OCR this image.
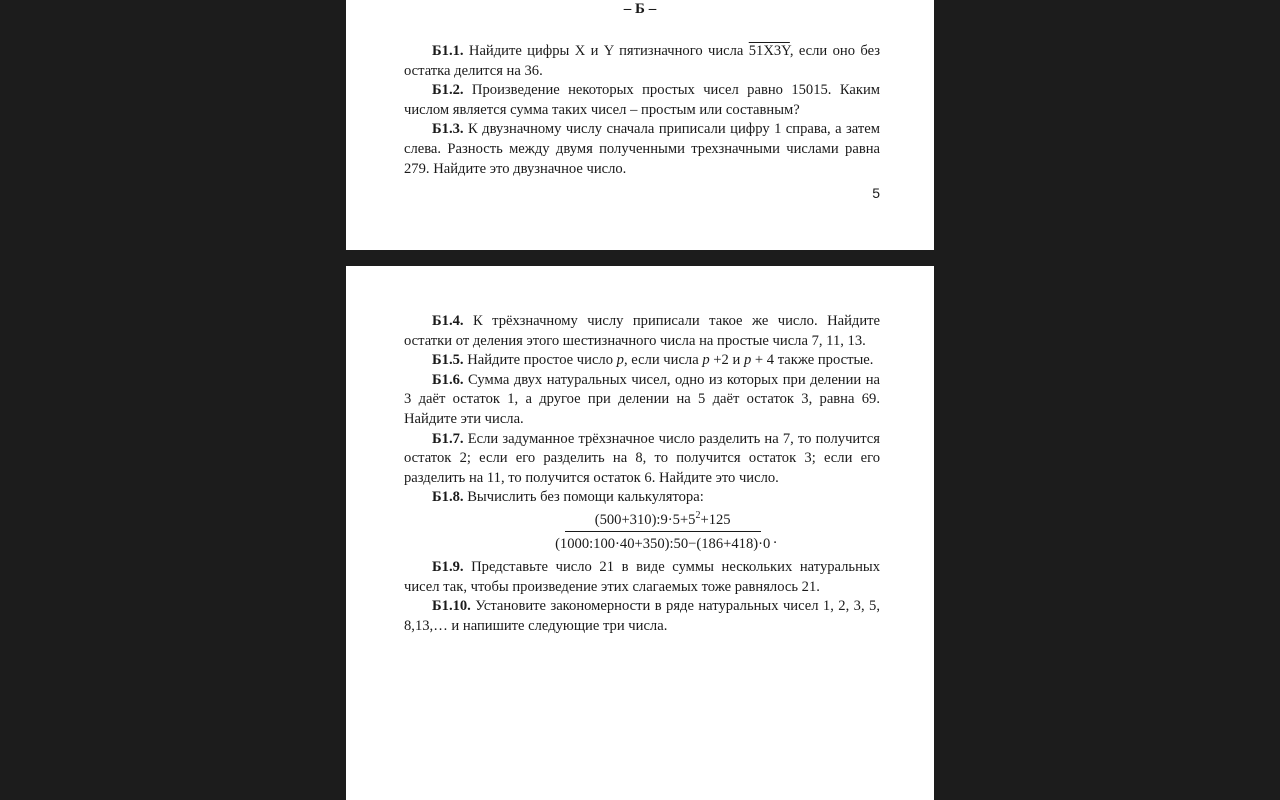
– Б –

Б1.1. Найдите цифры X и Y пятизначного числа 51X3Y, если оно без остатка делится на 36.

Б1.2. Произведение некоторых простых чисел равно 15015. Каким числом является сумма таких чисел – простым или составным?

Б1.3. К двузначному числу сначала приписали цифру 1 справа, а затем слева. Разность между двумя полученными трехзначными числами равна 279. Найдите это двузначное число.

5

Б1.4. К трёхзначному числу приписали такое же число. Найдите остатки от деления этого шестизначного числа на простые числа 7, 11, 13.

Б1.5. Найдите простое число p, если числа p +2 и p + 4 также простые.

Б1.6. Сумма двух натуральных чисел, одно из которых при делении на 3 даёт остаток 1, а другое при делении на 5 даёт остаток 3, равна 69. Найдите эти числа.

Б1.7. Если задуманное трёхзначное число разделить на 7, то получится остаток 2; если его разделить на 8, то получится остаток 3; если его разделить на 11, то получится остаток 6. Найдите это число.

Б1.8. Вычислить без помощи калькулятора:

$\frac{(500+310):9\cdot 5+5^2+125}{(1000:100\cdot 40+350):50-(186+418)\cdot 0}$ .

Б1.9. Представьте число 21 в виде суммы нескольких натуральных чисел так, чтобы произведение этих слагаемых тоже равнялось 21.

Б1.10. Установите закономерности в ряде натуральных чисел 1, 2, 3, 5, 8,13,… и напишите следующие три числа.
